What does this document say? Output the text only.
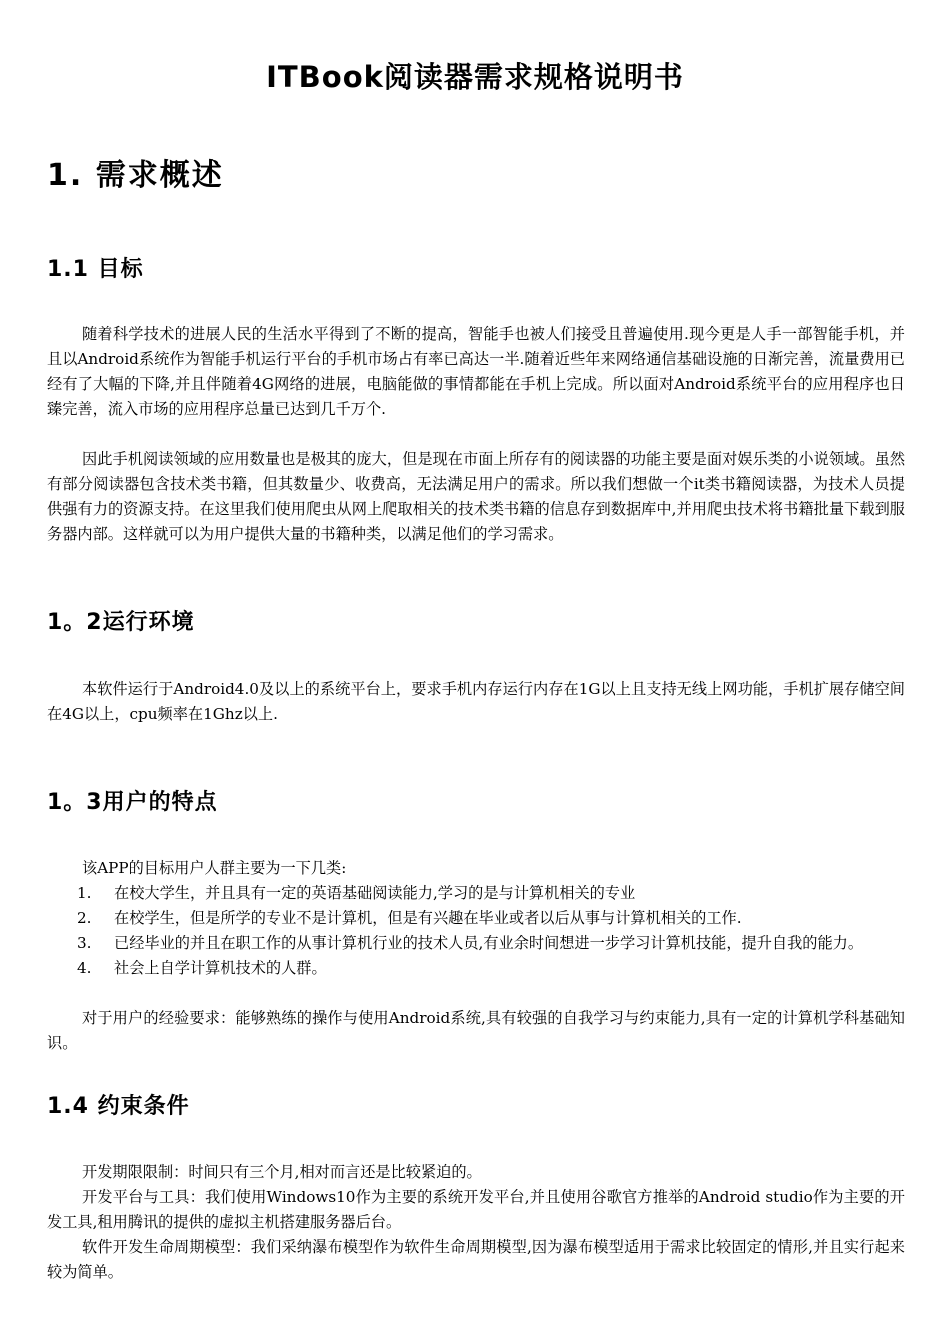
ITBook阅读器需求规格说明书
1. 需求概述
1.1 目标

随着科学技术的进展人民的生活水平得到了不断的提高，智能手也被人们接受且普遍使用.现今更是人手一部智能手机，并且以Android系统作为智能手机运行平台的手机市场占有率已高达一半.随着近些年来网络通信基础设施的日渐完善，流量费用已经有了大幅的下降,并且伴随着4G网络的进展，电脑能做的事情都能在手机上完成。所以面对Android系统平台的应用程序也日臻完善，流入市场的应用程序总量已达到几千万个.

因此手机阅读领域的应用数量也是极其的庞大，但是现在市面上所存有的阅读器的功能主要是面对娱乐类的小说领域。虽然有部分阅读器包含技术类书籍，但其数量少、收费高，无法满足用户的需求。所以我们想做一个it类书籍阅读器，为技术人员提供强有力的资源支持。在这里我们使用爬虫从网上爬取相关的技术类书籍的信息存到数据库中,并用爬虫技术将书籍批量下载到服务器内部。这样就可以为用户提供大量的书籍种类，以满足他们的学习需求。

1。2运行环境

本软件运行于Android4.0及以上的系统平台上，要求手机内存运行内存在1G以上且支持无线上网功能，手机扩展存储空间在4G以上，cpu频率在1Ghz以上.

1。3用户的特点

该APP的目标用户人群主要为一下几类:

1. 在校大学生，并且具有一定的英语基础阅读能力,学习的是与计算机相关的专业
2. 在校学生，但是所学的专业不是计算机，但是有兴趣在毕业或者以后从事与计算机相关的工作.
3. 已经毕业的并且在职工作的从事计算机行业的技术人员,有业余时间想进一步学习计算机技能，提升自我的能力。
4. 社会上自学计算机技术的人群。

对于用户的经验要求：能够熟练的操作与使用Android系统,具有较强的自我学习与约束能力,具有一定的计算机学科基础知识。

1.4 约束条件

开发期限限制：时间只有三个月,相对而言还是比较紧迫的。

开发平台与工具：我们使用Windows10作为主要的系统开发平台,并且使用谷歌官方推举的Android studio作为主要的开发工具,租用腾讯的提供的虚拟主机搭建服务器后台。

软件开发生命周期模型：我们采纳瀑布模型作为软件生命周期模型,因为瀑布模型适用于需求比较固定的情形,并且实行起来较为简单。
